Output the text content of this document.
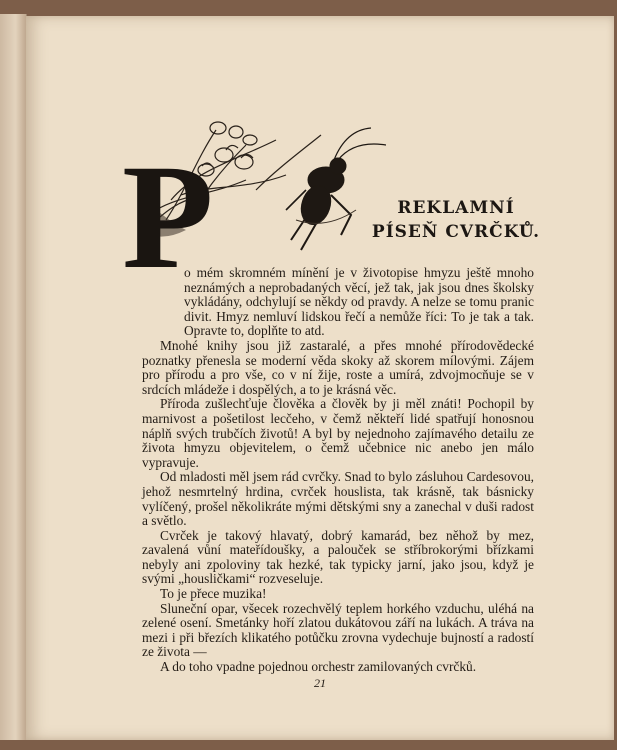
P	REKLAMNÍ
PÍSEŇ CVRČKŮ.

o mém skromném mínění je v životopise hmyzu ještě mnoho neznámých a neprobadaných věcí, jež tak, jak jsou dnes školsky vykládány, odchylují se někdy od pravdy. A nelze se tomu pranic divit. Hmyz nemluví lidskou řečí a nemůže říci: To je tak a tak. Opravte to, doplňte to atd.

Mnohé knihy jsou již zastaralé, a přes mnohé přírodovědecké poznatky přenesla se moderní věda skoky až skorem mílovými. Zájem pro přírodu a pro vše, co v ní žije, roste a umírá, zdvojmocňuje se v srdcích mládeže i dospělých, a to je krásná věc.

Příroda zušlechťuje člověka a člověk by ji měl znáti! Pochopil by marnivost a pošetilost lecčeho, v čemž někteří lidé spatřují honosnou náplň svých trubčích životů! A byl by nejednoho zajímavého detailu ze života hmyzu objevitelem, o čemž učebnice nic anebo jen málo vypravuje.

Od mladosti měl jsem rád cvrčky. Snad to bylo zásluhou Cardesovou, jehož nesmrtelný hrdina, cvrček houslista, tak krásně, tak básnicky vylíčený, prošel několikráte mými dětskými sny a zanechal v duši radost a světlo.

Cvrček je takový hlavatý, dobrý kamarád, bez něhož by mez, zavalená vůní mateřídoušky, a palouček se stříbrokorými břízkami nebyly ani zpoloviny tak hezké, tak typicky jarní, jako jsou, když je svými „housličkami“ rozveseluje.

To je přece muzika!

Sluneční opar, všecek rozechvělý teplem horkého vzduchu, uléhá na zelené osení. Smetánky hoří zlatou dukátovou září na lukách. A tráva na mezi i při březích klikatého potůčku zrovna vydechuje bujností a radostí ze života —

A do toho vpadne pojednou orchestr zamilovaných cvrčků.

21
